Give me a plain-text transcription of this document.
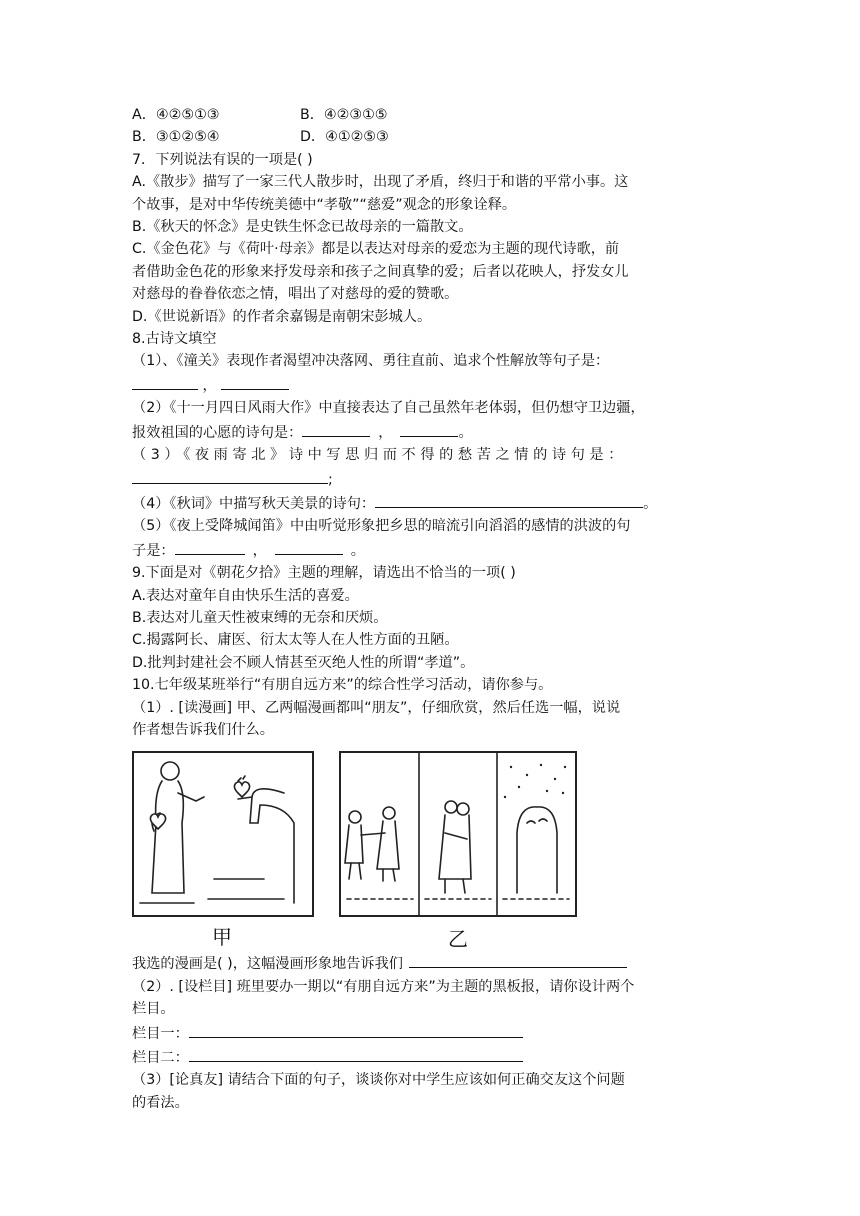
A．④②⑤①③	B．④②③①⑤
B．③①②⑤④	D．④①②⑤③
7．下列说法有误的一项是( )
A.《散步》描写了一家三代人散步时，出现了矛盾，终归于和谐的平常小事。这
个故事，是对中华传统美德中“孝敬”“慈爱”观念的形象诠释。
B.《秋天的怀念》是史铁生怀念已故母亲的一篇散文。
C.《金色花》与《荷叶·母亲》都是以表达对母亲的爱恋为主题的现代诗歌，前
者借助金色花的形象来抒发母亲和孩子之间真挚的爱；后者以花映人，抒发女儿
对慈母的眷眷依恋之情，唱出了对慈母的爱的赞歌。
D.《世说新语》的作者余嘉锡是南朝宋彭城人。
8.古诗文填空
（1）、《潼关》表现作者渴望冲决落网、勇往直前、追求个性解放等句子是：
，
（2）《十一月四日风雨大作》中直接表达了自己虽然年老体弱，但仍想守卫边疆，
报效祖国的心愿的诗句是：	，	。
（3）《夜雨寄北》诗中写思归而不得的愁苦之情的诗句是：
;
（4）《秋词》中描写秋天美景的诗句：	。
（5）《夜上受降城闻笛》中由听觉形象把乡思的暗流引向滔滔的感情的洪波的句
子是：	，	。
9.下面是对《朝花夕拾》主题的理解，请选出不恰当的一项( )
A.表达对童年自由快乐生活的喜爱。
B.表达对儿童天性被束缚的无奈和厌烦。
C.揭露阿长、庸医、衍太太等人在人性方面的丑陋。
D.批判封建社会不顾人情甚至灭绝人性的所谓“孝道”。
10.七年级某班举行“有朋自远方来”的综合性学习活动，请你参与。
（1）. [读漫画] 甲、乙两幅漫画都叫“朋友”，仔细欣赏，然后任选一幅，说说
作者想告诉我们什么。
甲	乙
我选的漫画是( )，这幅漫画形象地告诉我们
（2）. [设栏目] 班里要办一期以“有朋自远方来”为主题的黑板报，请你设计两个
栏目。
栏目一：
栏目二：
（3）[论真友] 请结合下面的句子，谈谈你对中学生应该如何正确交友这个问题
的看法。
